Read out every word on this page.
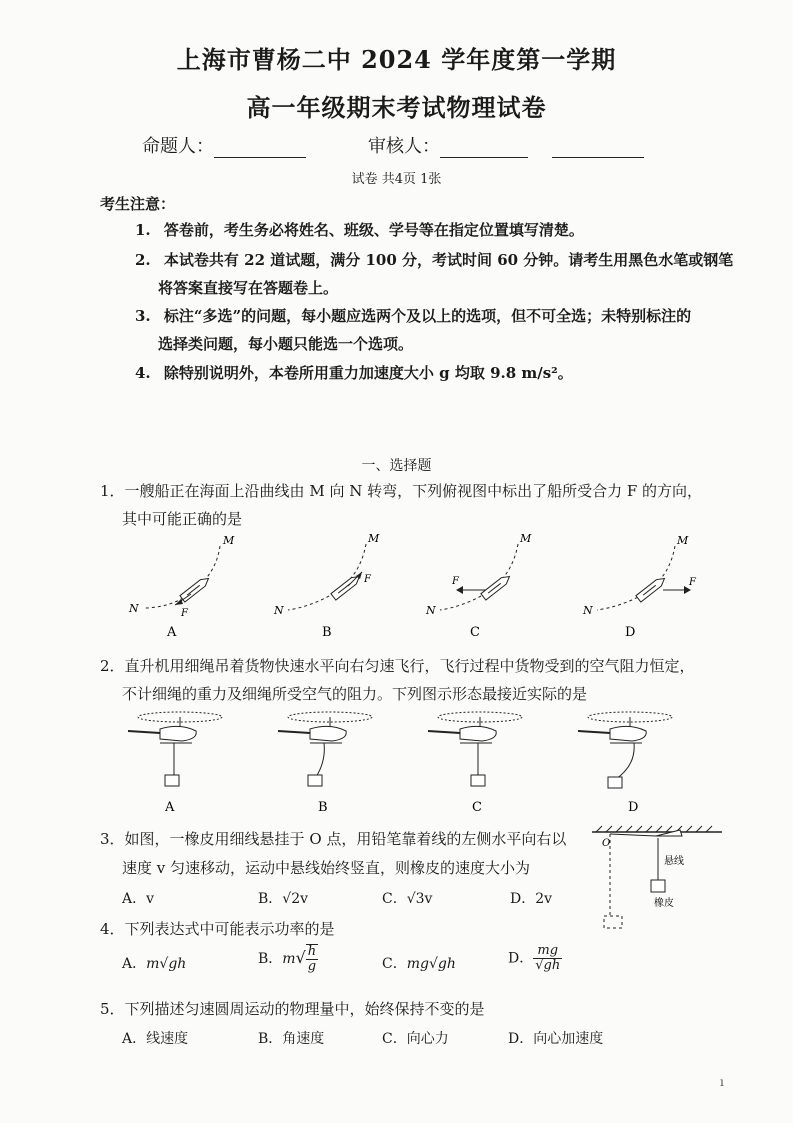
上海市曹杨二中 2024 学年度第一学期
高一年级期末考试物理试卷
命题人：	审核人：
试卷 共4页 1张
考生注意：
1. 答卷前，考生务必将姓名、班级、学号等在指定位置填写清楚。
2. 本试卷共有 22 道试题，满分 100 分，考试时间 60 分钟。请考生用黑色水笔或钢笔
将答案直接写在答题卷上。
3. 标注“多选”的问题，每小题应选两个及以上的选项，但不可全选；未特别标注的
选择类问题，每小题只能选一个选项。
4. 除特别说明外，本卷所用重力加速度大小 g 均取 9.8 m/s²。
一、选择题
1．一艘船正在海面上沿曲线由 M 向 N 转弯，下列俯视图中标出了船所受合力 F 的方向，
其中可能正确的是
M
N	F
A
M
N
F
B
M
N
F
C
M
N
F
D
2．直升机用细绳吊着货物快速水平向右匀速飞行，飞行过程中货物受到的空气阻力恒定，
不计细绳的重力及细绳所受空气的阻力。下列图示形态最接近实际的是
A	B	C	D
3．如图，一橡皮用细线悬挂于 O 点，用铅笔靠着线的左侧水平向右以
速度 v 匀速移动，运动中悬线始终竖直，则橡皮的速度大小为
A．v	B．√2v	C．√3v	D．2v
O
悬线
橡皮
4．下列表达式中可能表示功率的是
A．m√gh	B．$m√ \frac{h}{g}$	C．mg√gh	D． $\frac{mg}{√gh}$
5．下列描述匀速圆周运动的物理量中，始终保持不变的是
A．线速度	B．角速度	C．向心力	D．向心加速度
ı
